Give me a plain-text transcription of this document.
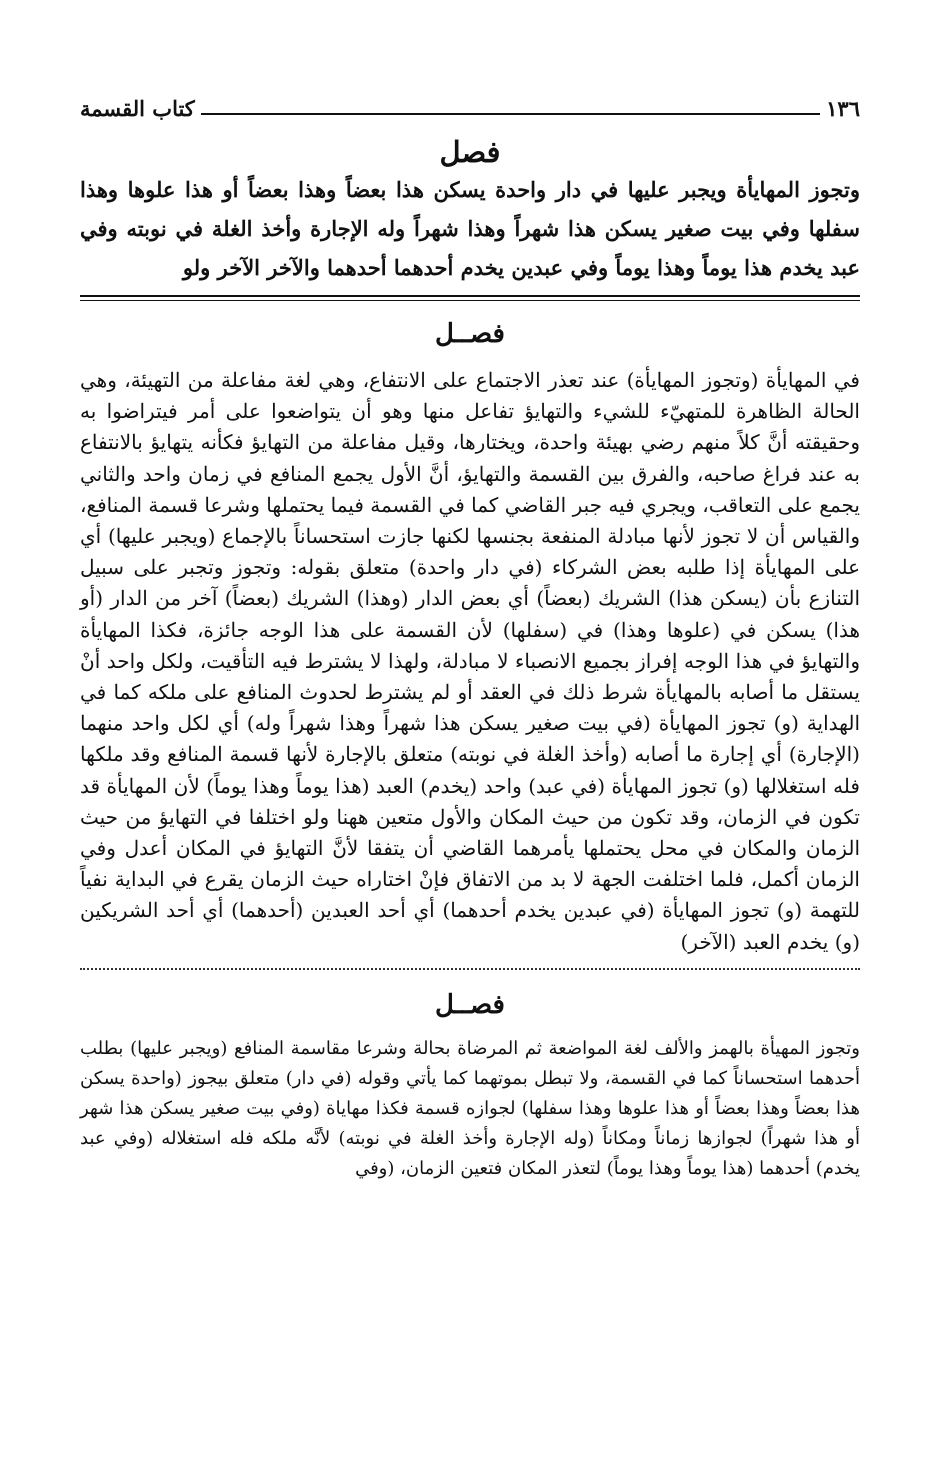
١٣٦
كتاب القسمة
فصل

وتجوز المهايأة ويجبر عليها في دار واحدة يسكن هذا بعضاً وهذا بعضاً أو هذا علوها وهذا سفلها وفي بيت صغير يسكن هذا شهراً وهذا شهراً وله الإجارة وأخذ الغلة في نوبته وفي عبد يخدم هذا يوماً وهذا يوماً وفي عبدين يخدم أحدهما أحدهما والآخر الآخر ولو

فصــل

في المهايأة (وتجوز المهايأة) عند تعذر الاجتماع على الانتفاع، وهي لغة مفاعلة من التهيئة، وهي الحالة الظاهرة للمتهيّء للشيء والتهايؤ تفاعل منها وهو أن يتواضعوا على أمر فيتراضوا به وحقيقته أنَّ كلاً منهم رضي بهيئة واحدة، ويختارها، وقيل مفاعلة من التهايؤ فكأنه يتهايؤ بالانتفاع به عند فراغ صاحبه، والفرق بين القسمة والتهايؤ، أنَّ الأول يجمع المنافع في زمان واحد والثاني يجمع على التعاقب، ويجري فيه جبر القاضي كما في القسمة فيما يحتملها وشرعا قسمة المنافع، والقياس أن لا تجوز لأنها مبادلة المنفعة بجنسها لكنها جازت استحساناً بالإجماع (ويجبر عليها) أي على المهايأة إذا طلبه بعض الشركاء (في دار واحدة) متعلق بقوله: وتجوز وتجبر على سبيل التنازع بأن (يسكن هذا) الشريك (بعضاً) أي بعض الدار (وهذا) الشريك (بعضاً) آخر من الدار (أو هذا) يسكن في (علوها وهذا) في (سفلها) لأن القسمة على هذا الوجه جائزة، فكذا المهايأة والتهايؤ في هذا الوجه إفراز بجميع الانصباء لا مبادلة، ولهذا لا يشترط فيه التأقيت، ولكل واحد أنْ يستقل ما أصابه بالمهايأة شرط ذلك في العقد أو لم يشترط لحدوث المنافع على ملكه كما في الهداية (و) تجوز المهايأة (في بيت صغير يسكن هذا شهراً وهذا شهراً وله) أي لكل واحد منهما (الإجارة) أي إجارة ما أصابه (وأخذ الغلة في نوبته) متعلق بالإجارة لأنها قسمة المنافع وقد ملكها فله استغلالها (و) تجوز المهايأة (في عبد) واحد (يخدم) العبد (هذا يوماً وهذا يوماً) لأن المهايأة قد تكون في الزمان، وقد تكون من حيث المكان والأول متعين ههنا ولو اختلفا في التهايؤ من حيث الزمان والمكان في محل يحتملها يأمرهما القاضي أن يتفقا لأنَّ التهايؤ في المكان أعدل وفي الزمان أكمل، فلما اختلفت الجهة لا بد من الاتفاق فإنْ اختاراه حيث الزمان يقرع في البداية نفياً للتهمة (و) تجوز المهايأة (في عبدين يخدم أحدهما) أي أحد العبدين (أحدهما) أي أحد الشريكين (و) يخدم العبد (الآخر)

فصــل

وتجوز المهيأة بالهمز والألف لغة المواضعة ثم المرضاة بحالة وشرعا مقاسمة المنافع (ويجبر عليها) بطلب أحدهما استحساناً كما في القسمة، ولا تبطل بموتهما كما يأتي وقوله (في دار) متعلق بيجوز (واحدة يسكن هذا بعضاً وهذا بعضاً أو هذا علوها وهذا سفلها) لجوازه قسمة فكذا مهاياة (وفي بيت صغير يسكن هذا شهر أو هذا شهراً) لجوازها زماناً ومكاناً (وله الإجارة وأخذ الغلة في نوبته) لأنَّه ملكه فله استغلاله (وفي عبد يخدم) أحدهما (هذا يوماً وهذا يوماً) لتعذر المكان فتعين الزمان، (وفي
